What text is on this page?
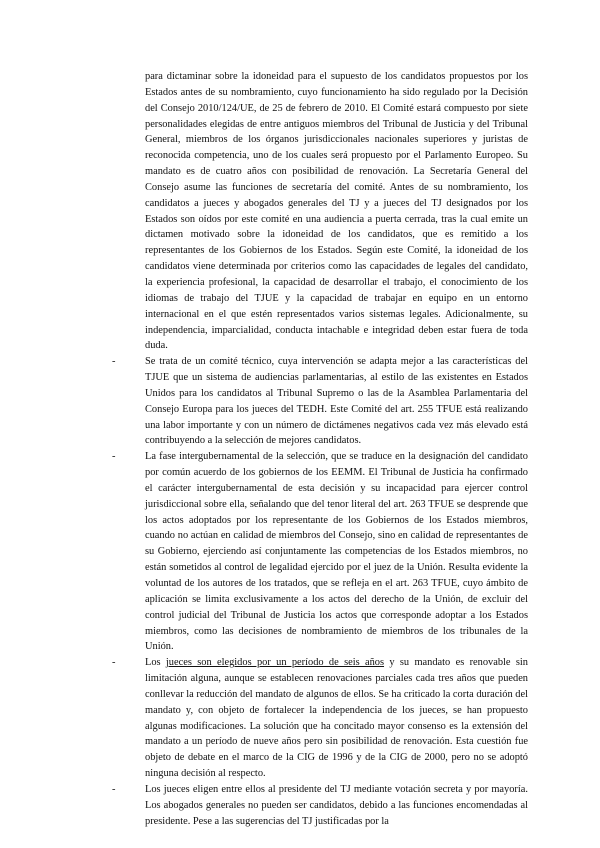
para dictaminar sobre la idoneidad para el supuesto de los candidatos propuestos por los Estados antes de su nombramiento, cuyo funcionamiento ha sido regulado por la Decisión del Consejo 2010/124/UE, de 25 de febrero de 2010. El Comité estará compuesto por siete personalidades elegidas de entre antiguos miembros del Tribunal de Justicia y del Tribunal General, miembros de los órganos jurisdiccionales nacionales superiores y juristas de reconocida competencia, uno de los cuales será propuesto por el Parlamento Europeo. Su mandato es de cuatro años con posibilidad de renovación. La Secretaría General del Consejo asume las funciones de secretaría del comité. Antes de su nombramiento, los candidatos a jueces y abogados generales del TJ y a jueces del TJ designados por los Estados son oídos por este comité en una audiencia a puerta cerrada, tras la cual emite un dictamen motivado sobre la idoneidad de los candidatos, que es remitido a los representantes de los Gobiernos de los Estados. Según este Comité, la idoneidad de los candidatos viene determinada por criterios como las capacidades de legales del candidato, la experiencia profesional, la capacidad de desarrollar el trabajo, el conocimiento de los idiomas de trabajo del TJUE y la capacidad de trabajar en equipo en un entorno internacional en el que estén representados varios sistemas legales. Adicionalmente, su independencia, imparcialidad, conducta intachable e integridad deben estar fuera de toda duda.

-	Se trata de un comité técnico, cuya intervención se adapta mejor a las características del TJUE que un sistema de audiencias parlamentarias, al estilo de las existentes en Estados Unidos para los candidatos al Tribunal Supremo o las de la Asamblea Parlamentaria del Consejo Europa para los jueces del TEDH. Este Comité del art. 255 TFUE está realizando una labor importante y con un número de dictámenes negativos cada vez más elevado está contribuyendo a la selección de mejores candidatos.

-	La fase intergubernamental de la selección, que se traduce en la designación del candidato por común acuerdo de los gobiernos de los EEMM. El Tribunal de Justicia ha confirmado el carácter intergubernamental de esta decisión y su incapacidad para ejercer control jurisdiccional sobre ella, señalando que del tenor literal del art. 263 TFUE se desprende que los actos adoptados por los representante de los Gobiernos de los Estados miembros, cuando no actúan en calidad de miembros del Consejo, sino en calidad de representantes de su Gobierno, ejerciendo así conjuntamente las competencias de los Estados miembros, no están sometidos al control de legalidad ejercido por el juez de la Unión. Resulta evidente la voluntad de los autores de los tratados, que se refleja en el art. 263 TFUE, cuyo ámbito de aplicación se limita exclusivamente a los actos del derecho de la Unión, de excluir del control judicial del Tribunal de Justicia los actos que corresponde adoptar a los Estados miembros, como las decisiones de nombramiento de miembros de los tribunales de la Unión.

-	Los jueces son elegidos por un período de seis años y su mandato es renovable sin limitación alguna, aunque se establecen renovaciones parciales cada tres años que pueden conllevar la reducción del mandato de algunos de ellos. Se ha criticado la corta duración del mandato y, con objeto de fortalecer la independencia de los jueces, se han propuesto algunas modificaciones. La solución que ha concitado mayor consenso es la extensión del mandato a un período de nueve años pero sin posibilidad de renovación. Esta cuestión fue objeto de debate en el marco de la CIG de 1996 y de la CIG de 2000, pero no se adoptó ninguna decisión al respecto.

-	Los jueces eligen entre ellos al presidente del TJ mediante votación secreta y por mayoría. Los abogados generales no pueden ser candidatos, debido a las funciones encomendadas al presidente. Pese a las sugerencias del TJ justificadas por la
